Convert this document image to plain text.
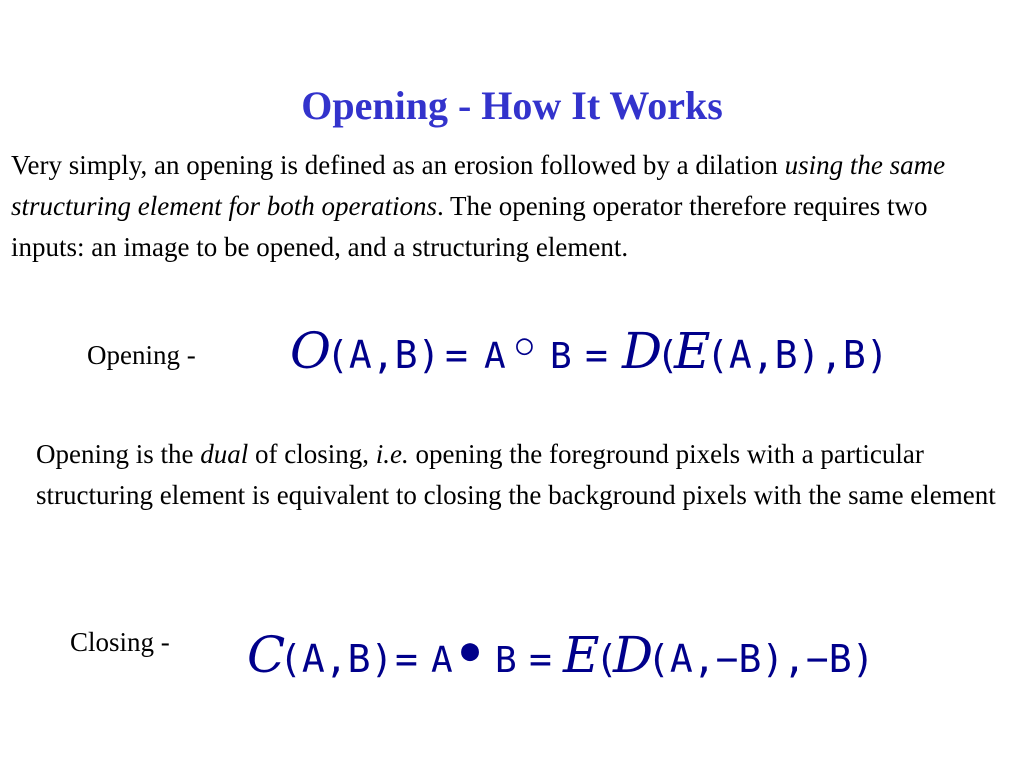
Opening - How It Works
Very simply, an opening is defined as an erosion followed by a dilation using the same structuring element for both operations. The opening operator therefore requires two inputs: an image to be opened, and a structuring element.
Opening - O
(A,B) = A ○ B = D
(
E
(A,B) ,B)
Opening is the dual of closing, i.e. opening the foreground pixels with a particular structuring element is equivalent to closing the background pixels with the same element
Closing - C
(A,B) = A ● B = E
(
D
(A,−B)
,−B)
